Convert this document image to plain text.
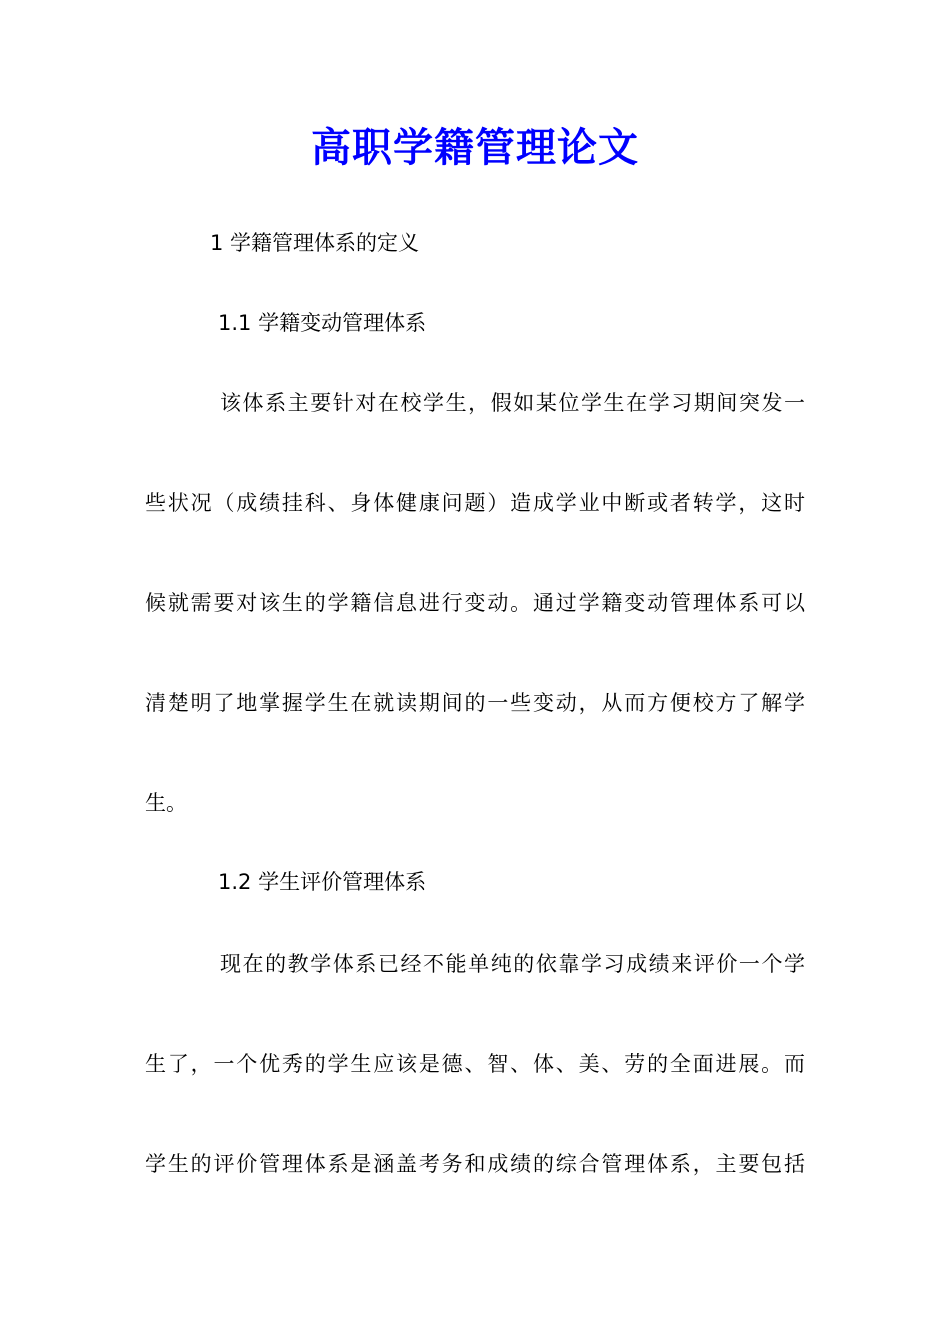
高职学籍管理论文
1 学籍管理体系的定义
1.1 学籍变动管理体系
该体系主要针对在校学生，假如某位学生在学习期间突发一
些状况（成绩挂科、身体健康问题）造成学业中断或者转学，这时
候就需要对该生的学籍信息进行变动。通过学籍变动管理体系可以
清楚明了地掌握学生在就读期间的一些变动，从而方便校方了解学
生。
1.2 学生评价管理体系
现在的教学体系已经不能单纯的依靠学习成绩来评价一个学
生了，一个优秀的学生应该是德、智、体、美、劳的全面进展。而
学生的评价管理体系是涵盖考务和成绩的综合管理体系，主要包括
